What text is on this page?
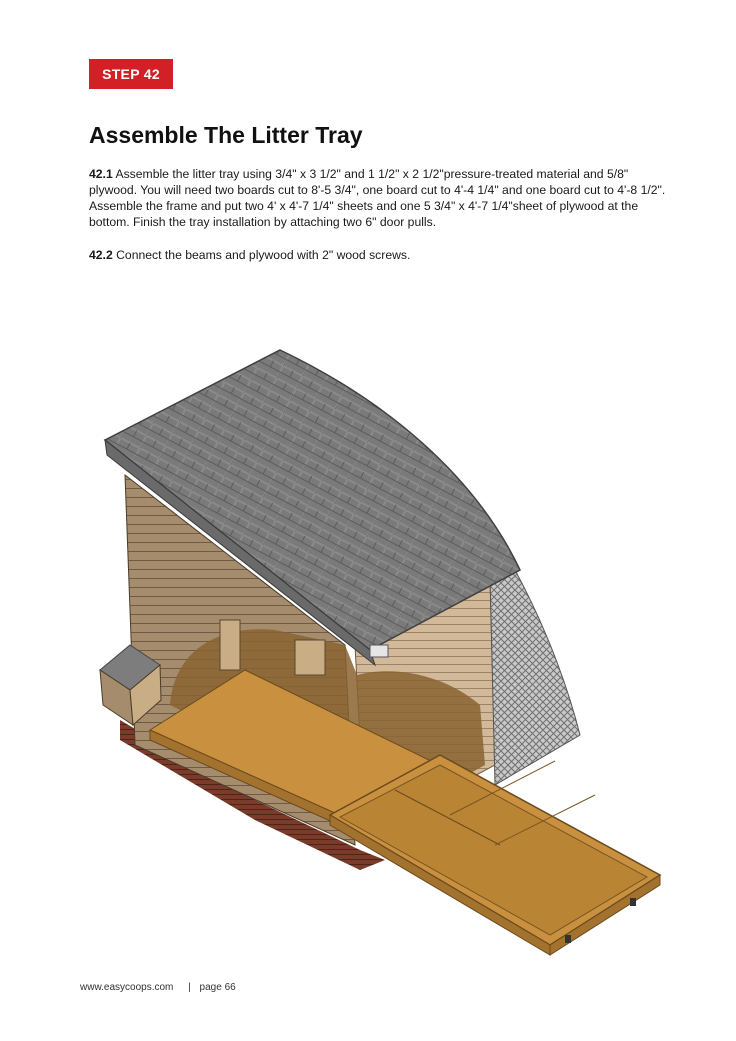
STEP 42
Assemble The Litter Tray

42.1 Assemble the litter tray using 3/4" x 3 1/2" and 1 1/2" x 2 1/2"pressure-treated material and 5/8" plywood. You will need two boards cut to 8'-5 3/4", one board cut to 4'-4 1/4" and one board cut to 4'-8 1/2". Assemble the frame and put two 4' x 4'-7 1/4" sheets and one 5 3/4" x 4'-7 1/4"sheet of plywood at the bottom. Finish the tray installation by attaching two 6" door pulls.

42.2 Connect the beams and plywood with 2" wood screws.

www.easycoops.com | page 66
